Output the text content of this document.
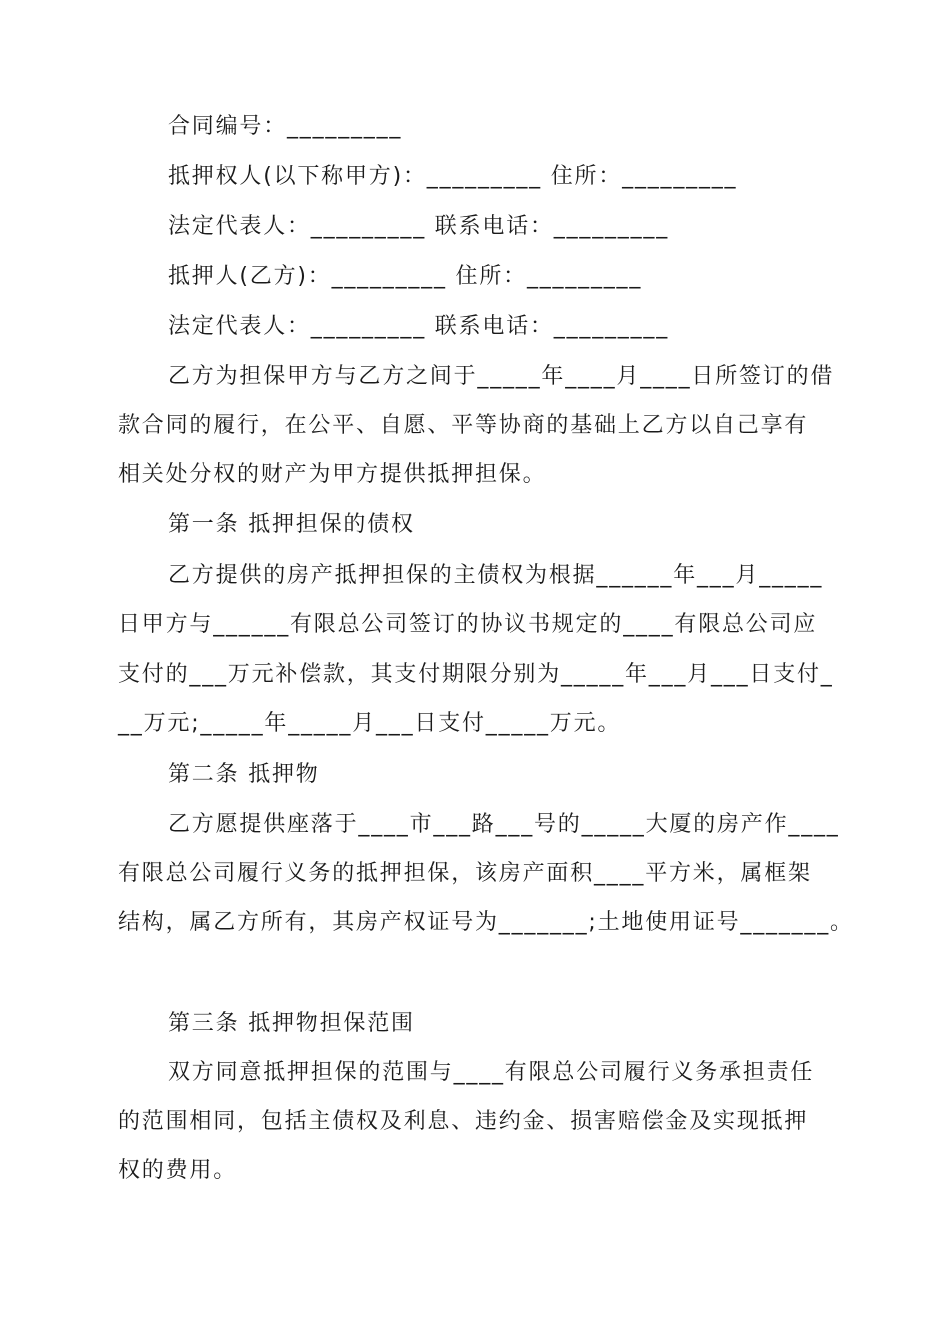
合同编号：_________
抵押权人(以下称甲方)：_________ 住所：_________
法定代表人：_________ 联系电话：_________
抵押人(乙方)：_________ 住所：_________
法定代表人：_________ 联系电话：_________
乙方为担保甲方与乙方之间于_____年____月____日所签订的借
款合同的履行，在公平、自愿、平等协商的基础上乙方以自己享有
相关处分权的财产为甲方提供抵押担保。
第一条 抵押担保的债权
乙方提供的房产抵押担保的主债权为根据______年___月_____
日甲方与______有限总公司签订的协议书规定的____有限总公司应
支付的___万元补偿款，其支付期限分别为_____年___月___日支付_
__万元;_____年_____月___日支付_____万元。
第二条 抵押物
乙方愿提供座落于____市___路___号的_____大厦的房产作____
有限总公司履行义务的抵押担保，该房产面积____平方米，属框架
结构，属乙方所有，其房产权证号为_______;土地使用证号_______。
第三条 抵押物担保范围
双方同意抵押担保的范围与____有限总公司履行义务承担责任
的范围相同，包括主债权及利息、违约金、损害赔偿金及实现抵押
权的费用。
